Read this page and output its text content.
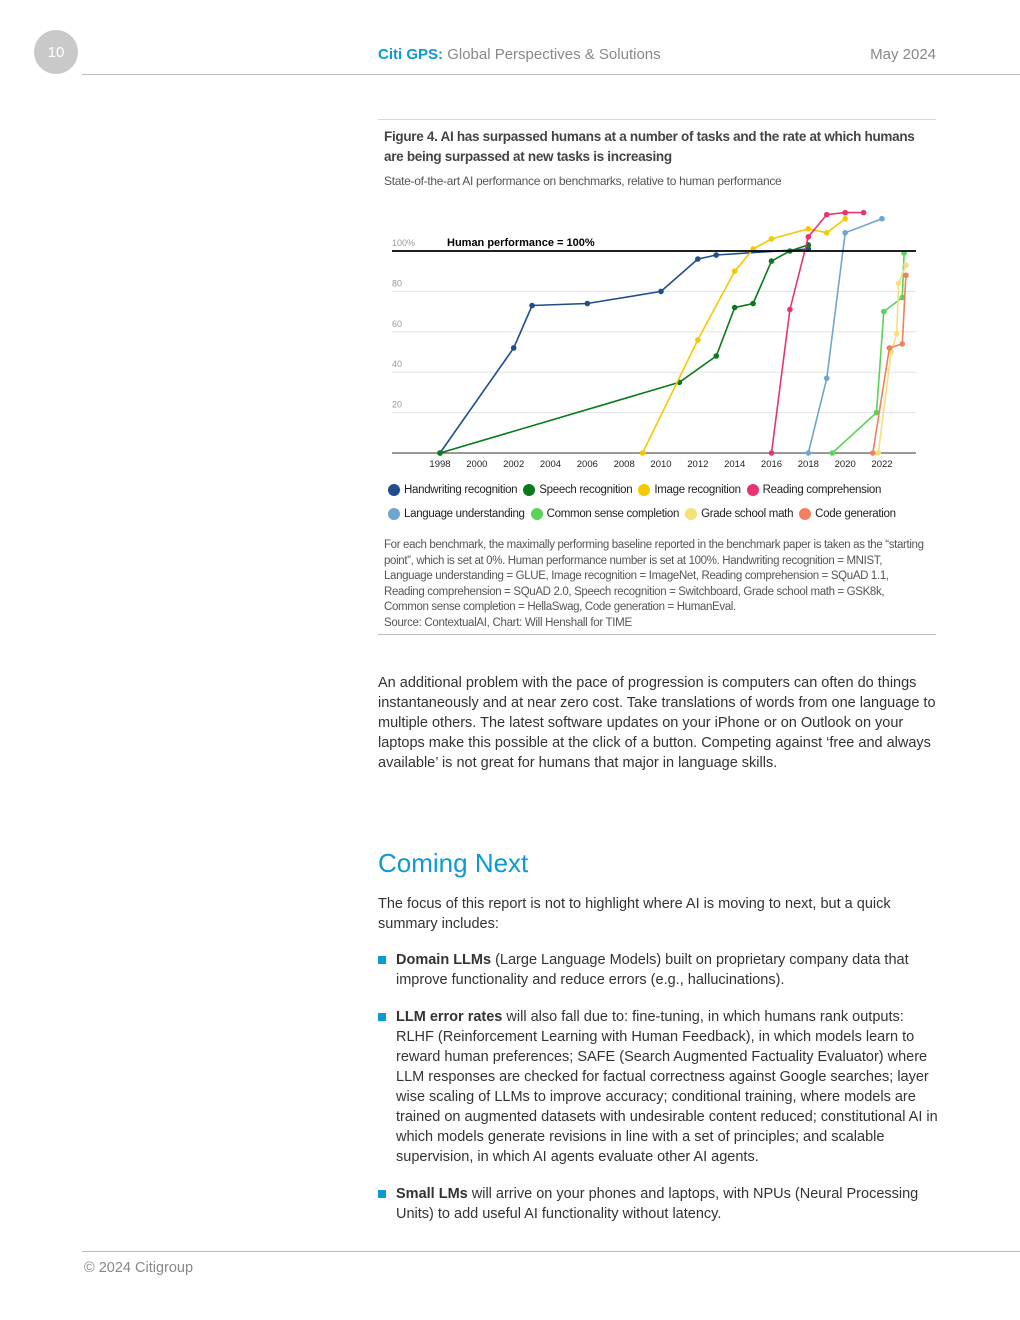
10	Citi GPS: Global Perspectives & Solutions	May 2024
Figure 4. AI has surpassed humans at a number of tasks and the rate at which humans are being surpassed at new tasks is increasing
State-of-the-art AI performance on benchmarks, relative to human performance
20
40
60
80
100%
1998 2000 2002 2004 2006 2008 2010 2012 2014 2016 2018 2020 2022
Human performance = 100%
Handwriting recognition Speech recognition Image recognition Reading comprehension
Language understanding Common sense completion Grade school math Code generation
For each benchmark, the maximally performing baseline reported in the benchmark paper is taken as the “starting point”, which is set at 0%. Human performance number is set at 100%. Handwriting recognition = MNIST, Language understanding = GLUE, Image recognition = ImageNet, Reading comprehension = SQuAD 1.1, Reading comprehension = SQuAD 2.0, Speech recognition = Switchboard, Grade school math = GSK8k, Common sense completion = HellaSwag, Code generation = HumanEval.
Source: ContextualAI, Chart: Will Henshall for TIME
An additional problem with the pace of progression is computers can often do things instantaneously and at near zero cost. Take translations of words from one language to multiple others. The latest software updates on your iPhone or on Outlook on your laptops make this possible at the click of a button. Competing against ‘free and always available’ is not great for humans that major in language skills.
Coming Next
The focus of this report is not to highlight where AI is moving to next, but a quick summary includes:
Domain LLMs (Large Language Models) built on proprietary company data that improve functionality and reduce errors (e.g., hallucinations).
LLM error rates will also fall due to: fine-tuning, in which humans rank outputs: RLHF (Reinforcement Learning with Human Feedback), in which models learn to reward human preferences; SAFE (Search Augmented Factuality Evaluator) where LLM responses are checked for factual correctness against Google searches; layer wise scaling of LLMs to improve accuracy; conditional training, where models are trained on augmented datasets with undesirable content reduced; constitutional AI in which models generate revisions in line with a set of principles; and scalable supervision, in which AI agents evaluate other AI agents.
Small LMs will arrive on your phones and laptops, with NPUs (Neural Processing Units) to add useful AI functionality without latency.
© 2024 Citigroup
